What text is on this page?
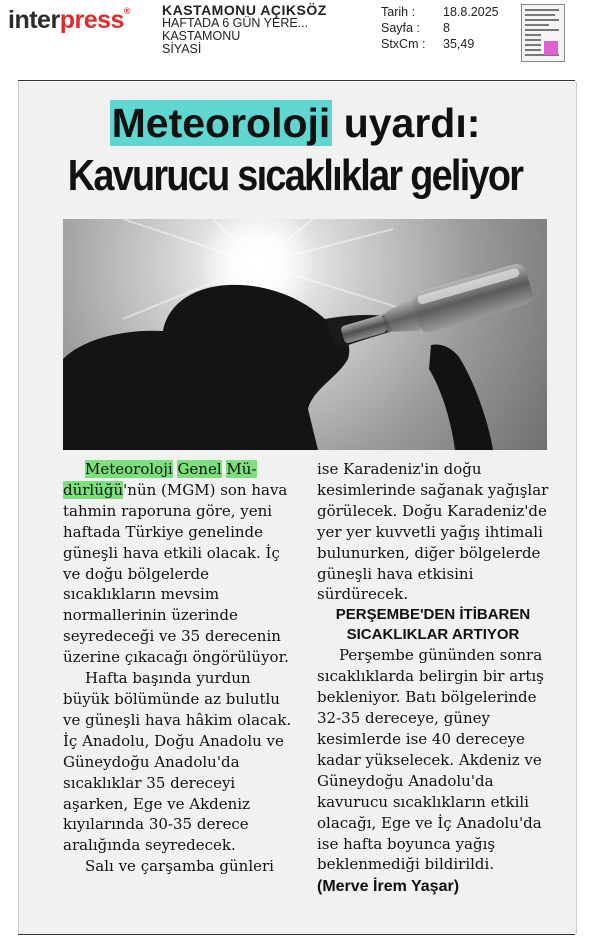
interpress® KASTAMONU AÇIKSÖZ
HAFTADA 6 GÜN YERE...
KASTAMONU
SİYASİ
Tarih :	18.8.2025
Sayfa :	8
StxCm :	35,49
Meteoroloji uyardı:
Kavurucu sıcaklıklar geliyor

Meteoroloji Genel Mü-dürlüğü'nün (MGM) son hava tahmin raporuna göre, yeni haftada Türkiye genelinde güneşli hava etkili olacak. İç ve doğu bölgelerde sıcaklıkların mevsim normallerinin üzerinde seyredeceği ve 35 derecenin üzerine çıkacağı öngörülüyor.

Hafta başında yurdun büyük bölümünde az bulutlu ve güneşli hava hâkim olacak. İç Anadolu, Doğu Anadolu ve Güneydoğu Anadolu'da sıcaklıklar 35 dereceyi aşarken, Ege ve Akdeniz kıyılarında 30-35 derece aralığında seyredecek.

Salı ve çarşamba günleri

ise Karadeniz'in doğu kesimlerinde sağanak yağışlar görülecek. Doğu Karadeniz'de yer yer kuvvetli yağış ihtimali bulunurken, diğer bölgelerde güneşli hava etkisini sürdürecek.

PERŞEMBE'DEN İTİBAREN
SICAKLIKLAR ARTIYOR

Perşembe gününden sonra sıcaklıklarda belirgin bir artış bekleniyor. Batı bölgelerinde 32-35 dereceye, güney kesimlerde ise 40 dereceye kadar yükselecek. Akdeniz ve Güneydoğu Anadolu'da kavurucu sıcaklıkların etkili olacağı, Ege ve İç Anadolu'da ise hafta boyunca yağış beklenmediği bildirildi.

(Merve İrem Yaşar)
